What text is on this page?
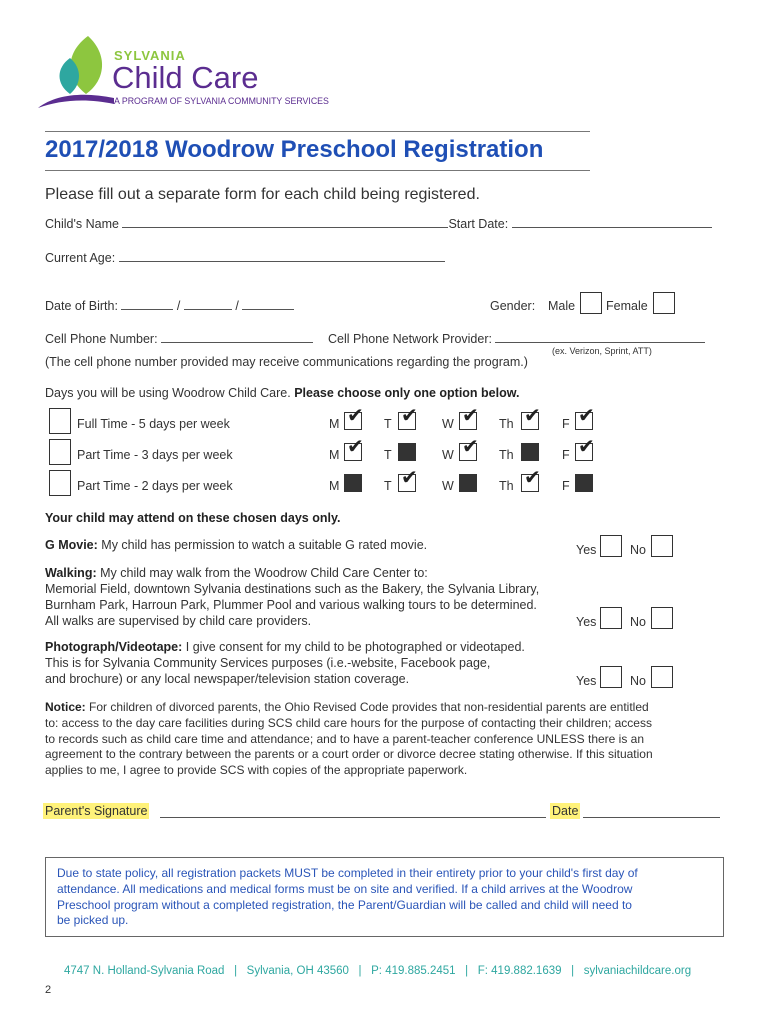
SYLVANIA
Child Care
A PROGRAM OF SYLVANIA COMMUNITY SERVICES
2017/2018 Woodrow Preschool Registration
Please fill out a separate form for each child being registered.
Child's Name	Start Date:
Current Age:
Date of Birth:	/	/	Gender: Male Female
Cell Phone Number:	Cell Phone Network Provider:
(ex. Verizon, Sprint, ATT)
(The cell phone number provided may receive communications regarding the program.)
Days you will be using Woodrow Child Care. Please choose only one option below.
Full Time - 5 days per week	M ✔ T ✔ W ✔ Th ✔ F ✔
Part Time - 3 days per week	M ✔ T	W ✔ Th	F ✔
Part Time - 2 days per week	M	T ✔ W	Th ✔ F
Your child may attend on these chosen days only.
G Movie: My child has permission to watch a suitable G rated movie.	Yes	No
Walking: My child may walk from the Woodrow Child Care Center to:
Memorial Field, downtown Sylvania destinations such as the Bakery, the Sylvania Library,
Burnham Park, Harroun Park, Plummer Pool and various walking tours to be determined.
All walks are supervised by child care providers.	Yes	No
Photograph/Videotape: I give consent for my child to be photographed or videotaped.
This is for Sylvania Community Services purposes (i.e.-website, Facebook page,
and brochure) or any local newspaper/television station coverage.	Yes	No
Notice: For children of divorced parents, the Ohio Revised Code provides that non-residential parents are entitled
to: access to the day care facilities during SCS child care hours for the purpose of contacting their children; access
to records such as child care time and attendance; and to have a parent-teacher conference UNLESS there is an
agreement to the contrary between the parents or a court order or divorce decree stating otherwise. If this situation
applies to me, I agree to provide SCS with copies of the appropriate paperwork.
Parent's Signature	Date
Due to state policy, all registration packets MUST be completed in their entirety prior to your child's first day of
attendance. All medications and medical forms must be on site and verified. If a child arrives at the Woodrow
Preschool program without a completed registration, the Parent/Guardian will be called and child will need to
be picked up.
4747 N. Holland-Sylvania Road | Sylvania, OH 43560 | P: 419.885.2451 | F: 419.882.1639 | sylvaniachildcare.org
2
